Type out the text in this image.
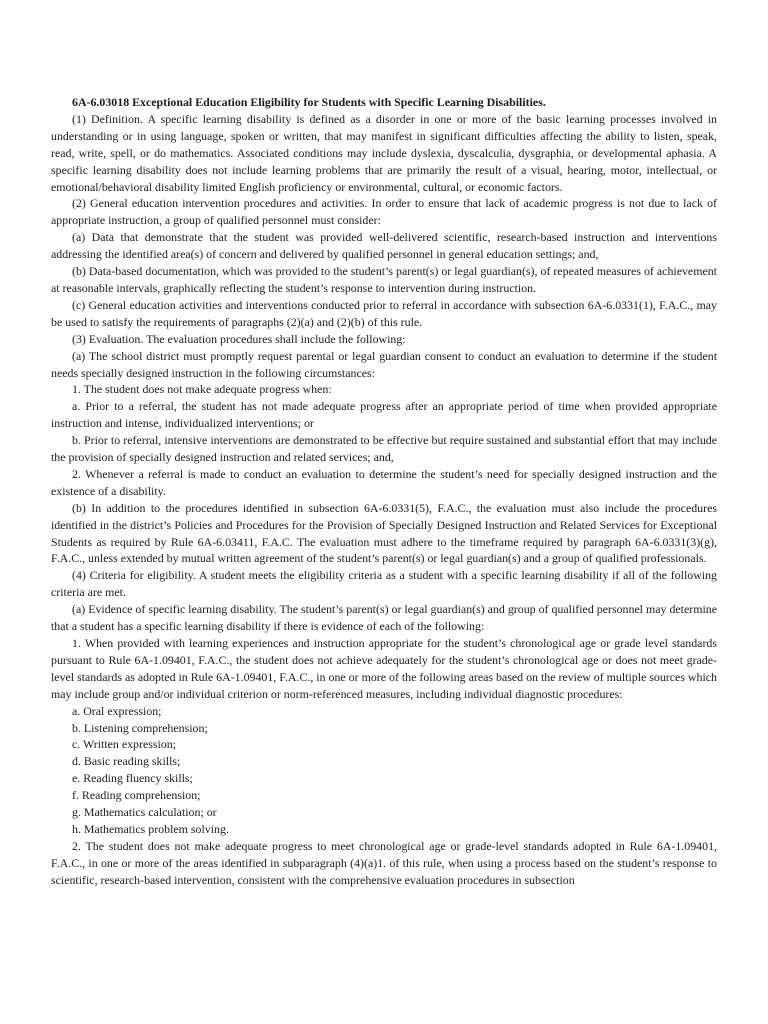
6A-6.03018 Exceptional Education Eligibility for Students with Specific Learning Disabilities.

(1) Definition. A specific learning disability is defined as a disorder in one or more of the basic learning processes involved in understanding or in using language, spoken or written, that may manifest in significant difficulties affecting the ability to listen, speak, read, write, spell, or do mathematics. Associated conditions may include dyslexia, dyscalculia, dysgraphia, or developmental aphasia. A specific learning disability does not include learning problems that are primarily the result of a visual, hearing, motor, intellectual, or emotional/behavioral disability limited English proficiency or environmental, cultural, or economic factors.

(2) General education intervention procedures and activities. In order to ensure that lack of academic progress is not due to lack of appropriate instruction, a group of qualified personnel must consider:

(a) Data that demonstrate that the student was provided well-delivered scientific, research-based instruction and interventions addressing the identified area(s) of concern and delivered by qualified personnel in general education settings; and,

(b) Data-based documentation, which was provided to the student’s parent(s) or legal guardian(s), of repeated measures of achievement at reasonable intervals, graphically reflecting the student’s response to intervention during instruction.

(c) General education activities and interventions conducted prior to referral in accordance with subsection 6A-6.0331(1), F.A.C., may be used to satisfy the requirements of paragraphs (2)(a) and (2)(b) of this rule.

(3) Evaluation. The evaluation procedures shall include the following:

(a) The school district must promptly request parental or legal guardian consent to conduct an evaluation to determine if the student needs specially designed instruction in the following circumstances:

1. The student does not make adequate progress when:

a. Prior to a referral, the student has not made adequate progress after an appropriate period of time when provided appropriate instruction and intense, individualized interventions; or

b. Prior to referral, intensive interventions are demonstrated to be effective but require sustained and substantial effort that may include the provision of specially designed instruction and related services; and,

2. Whenever a referral is made to conduct an evaluation to determine the student’s need for specially designed instruction and the existence of a disability.

(b) In addition to the procedures identified in subsection 6A-6.0331(5), F.A.C., the evaluation must also include the procedures identified in the district’s Policies and Procedures for the Provision of Specially Designed Instruction and Related Services for Exceptional Students as required by Rule 6A-6.03411, F.A.C. The evaluation must adhere to the timeframe required by paragraph 6A-6.0331(3)(g), F.A.C., unless extended by mutual written agreement of the student’s parent(s) or legal guardian(s) and a group of qualified professionals.

(4) Criteria for eligibility. A student meets the eligibility criteria as a student with a specific learning disability if all of the following criteria are met.

(a) Evidence of specific learning disability. The student’s parent(s) or legal guardian(s) and group of qualified personnel may determine that a student has a specific learning disability if there is evidence of each of the following:

1. When provided with learning experiences and instruction appropriate for the student’s chronological age or grade level standards pursuant to Rule 6A-1.09401, F.A.C., the student does not achieve adequately for the student’s chronological age or does not meet grade-level standards as adopted in Rule 6A-1.09401, F.A.C., in one or more of the following areas based on the review of multiple sources which may include group and/or individual criterion or norm-referenced measures, including individual diagnostic procedures:

a. Oral expression;

b. Listening comprehension;

c. Written expression;

d. Basic reading skills;

e. Reading fluency skills;

f. Reading comprehension;

g. Mathematics calculation; or

h. Mathematics problem solving.

2. The student does not make adequate progress to meet chronological age or grade-level standards adopted in Rule 6A-1.09401, F.A.C., in one or more of the areas identified in subparagraph (4)(a)1. of this rule, when using a process based on the student’s response to scientific, research-based intervention, consistent with the comprehensive evaluation procedures in subsection
